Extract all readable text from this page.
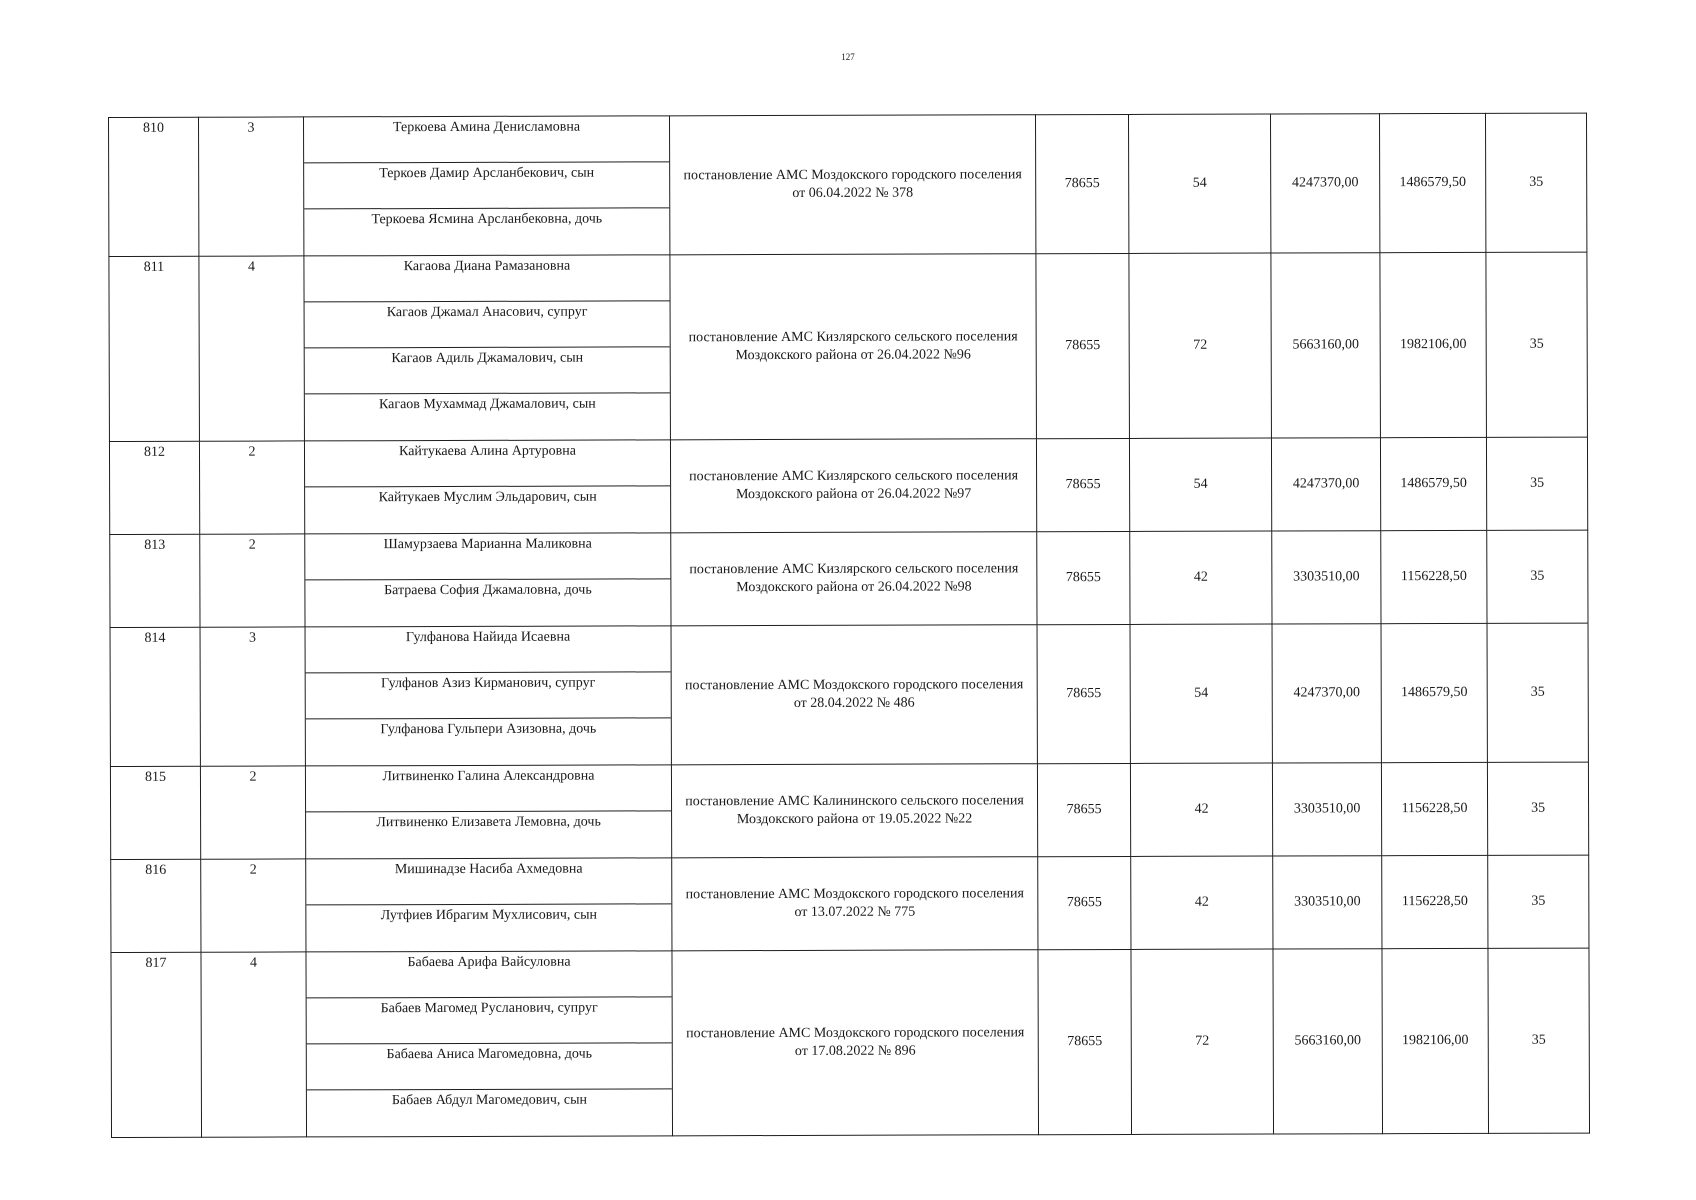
127
810	3	Теркоева Амина Денисламовна
Теркоев Дамир Арсланбекович, сын
Теркоева Ясмина Арсланбековна, дочь	постановление АМС Моздокского городского поселения от 06.04.2022 № 378	78655	54	4247370,00	1486579,50	35
811	4	Кагаова Диана Рамазановна
Кагаов Джамал Анасович, супруг
Кагаов Адиль Джамалович, сын
Кагаов Мухаммад Джамалович, сын	постановление АМС Кизлярского сельского поселения Моздокского района от 26.04.2022 №96	78655	72	5663160,00	1982106,00	35
812	2	Кайтукаева Алина Артуровна
Кайтукаев Муслим Эльдарович, сын	постановление АМС Кизлярского сельского поселения Моздокского района от 26.04.2022 №97	78655	54	4247370,00	1486579,50	35
813	2	Шамурзаева Марианна Маликовна
Батраева София Джамаловна, дочь	постановление АМС Кизлярского сельского поселения Моздокского района от 26.04.2022 №98	78655	42	3303510,00	1156228,50	35
814	3	Гулфанова Найида Исаевна
Гулфанов Азиз Кирманович, супруг
Гулфанова Гульпери Азизовна, дочь	постановление АМС Моздокского городского поселения от 28.04.2022 № 486	78655	54	4247370,00	1486579,50	35
815	2	Литвиненко Галина Александровна
Литвиненко Елизавета Лемовна, дочь	постановление АМС Калининского сельского поселения Моздокского района от 19.05.2022 №22	78655	42	3303510,00	1156228,50	35
816	2	Мишинадзе Насиба Ахмедовна
Лутфиев Ибрагим Мухлисович, сын	постановление АМС Моздокского городского поселения от 13.07.2022 № 775	78655	42	3303510,00	1156228,50	35
817	4	Бабаева Арифа Вайсуловна
Бабаев Магомед Русланович, супруг
Бабаева Аниса Магомедовна, дочь
Бабаев Абдул Магомедович, сын	постановление АМС Моздокского городского поселения от 17.08.2022 № 896	78655	72	5663160,00	1982106,00	35
